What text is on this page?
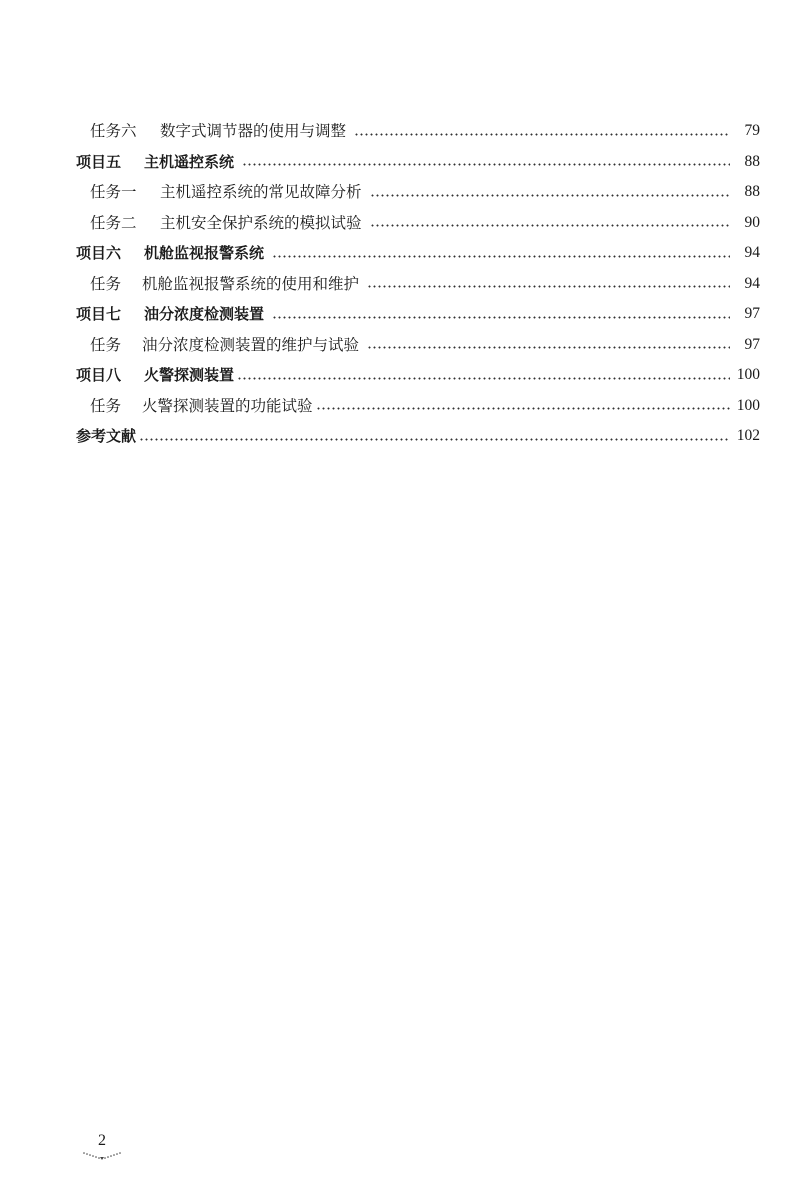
任务六	数字式调节器的使用与调整	79
项目五	主机遥控系统	88
任务一	主机遥控系统的常见故障分析	88
任务二	主机安全保护系统的模拟试验	90
项目六	机舱监视报警系统	94
任务	机舱监视报警系统的使用和维护	94
项目七	油分浓度检测装置	97
任务	油分浓度检测装置的维护与试验	97
项目八	火警探测装置	100
任务	火警探测装置的功能试验	100
参考文献	102
2
